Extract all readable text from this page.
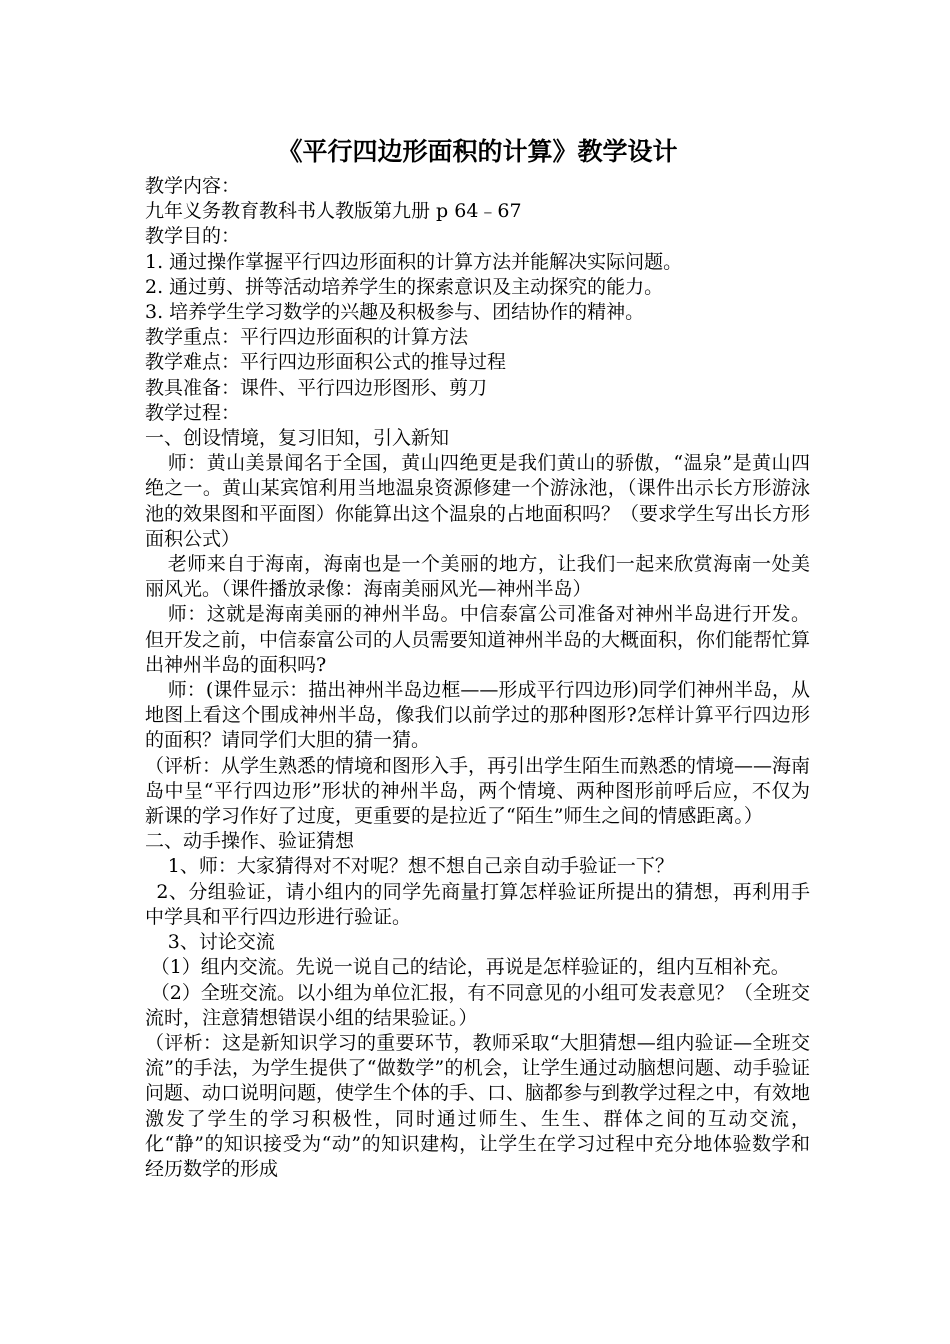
《平行四边形面积的计算》教学设计

教学内容：

九年义务教育教科书人教版第九册 p 64﹣67

教学目的：

1. 通过操作掌握平行四边形面积的计算方法并能解决实际问题。

2. 通过剪、拼等活动培养学生的探索意识及主动探究的能力。

3. 培养学生学习数学的兴趣及积极参与、团结协作的精神。

教学重点：平行四边形面积的计算方法

教学难点：平行四边形面积公式的推导过程

教具准备：课件、平行四边形图形、剪刀

教学过程：

一、创设情境，复习旧知，引入新知

师：黄山美景闻名于全国，黄山四绝更是我们黄山的骄傲，“温泉”是黄山四绝之一。黄山某宾馆利用当地温泉资源修建一个游泳池，（课件出示长方形游泳池的效果图和平面图）你能算出这个温泉的占地面积吗？（要求学生写出长方形面积公式）

老师来自于海南，海南也是一个美丽的地方，让我们一起来欣赏海南一处美丽风光。（课件播放录像：海南美丽风光—神州半岛）

师：这就是海南美丽的神州半岛。中信泰富公司准备对神州半岛进行开发。但开发之前，中信泰富公司的人员需要知道神州半岛的大概面积，你们能帮忙算出神州半岛的面积吗?

师：(课件显示：描出神州半岛边框——形成平行四边形)同学们神州半岛，从地图上看这个围成神州半岛，像我们以前学过的那种图形?怎样计算平行四边形的面积？请同学们大胆的猜一猜。

（评析：从学生熟悉的情境和图形入手，再引出学生陌生而熟悉的情境——海南岛中呈“平行四边形”形状的神州半岛，两个情境、两种图形前呼后应，不仅为新课的学习作好了过度，更重要的是拉近了“陌生”师生之间的情感距离。）

二、动手操作、验证猜想

1、师：大家猜得对不对呢？想不想自己亲自动手验证一下？

2、分组验证，请小组内的同学先商量打算怎样验证所提出的猜想，再利用手中学具和平行四边形进行验证。

3、讨论交流

（1）组内交流。先说一说自己的结论，再说是怎样验证的，组内互相补充。

（2）全班交流。以小组为单位汇报，有不同意见的小组可发表意见？（全班交流时，注意猜想错误小组的结果验证。）

（评析：这是新知识学习的重要环节，教师采取“大胆猜想—组内验证—全班交流”的手法，为学生提供了“做数学”的机会，让学生通过动脑想问题、动手验证问题、动口说明问题，使学生个体的手、口、脑都参与到教学过程之中，有效地激发了学生的学习积极性，同时通过师生、生生、群体之间的互动交流，化“静”的知识接受为“动”的知识建构，让学生在学习过程中充分地体验数学和经历数学的形成
